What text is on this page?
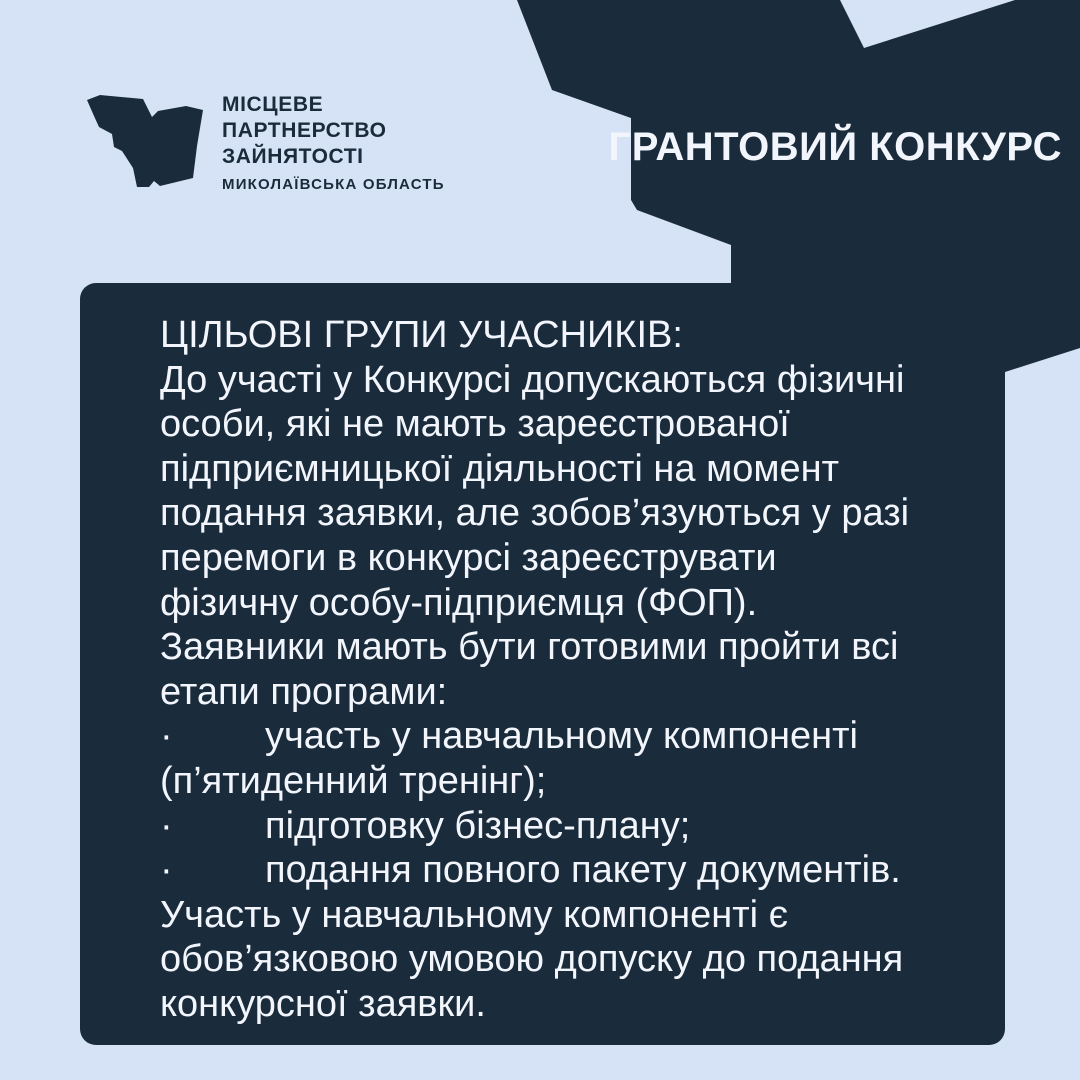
МІСЦЕВЕ
ПАРТНЕРСТВО
ЗАЙНЯТОСТІ
МИКОЛАЇВСЬКА ОБЛАСТЬ
ГРАНТОВИЙ КОНКУРС
ЦІЛЬОВІ ГРУПИ УЧАСНИКІВ:
До участі у Конкурсі допускаються фізичні
особи, які не мають зареєстрованої
підприємницької діяльності на момент
подання заявки, але зобов’язуються у разі
перемоги в конкурсі зареєструвати
фізичну особу-підприємця (ФОП).
Заявники мають бути готовими пройти всі
етапи програми:
· участь у навчальному компоненті
(п’ятиденний тренінг);
· підготовку бізнес-плану;
· подання повного пакету документів.
Участь у навчальному компоненті є
обов’язковою умовою допуску до подання
конкурсної заявки.
